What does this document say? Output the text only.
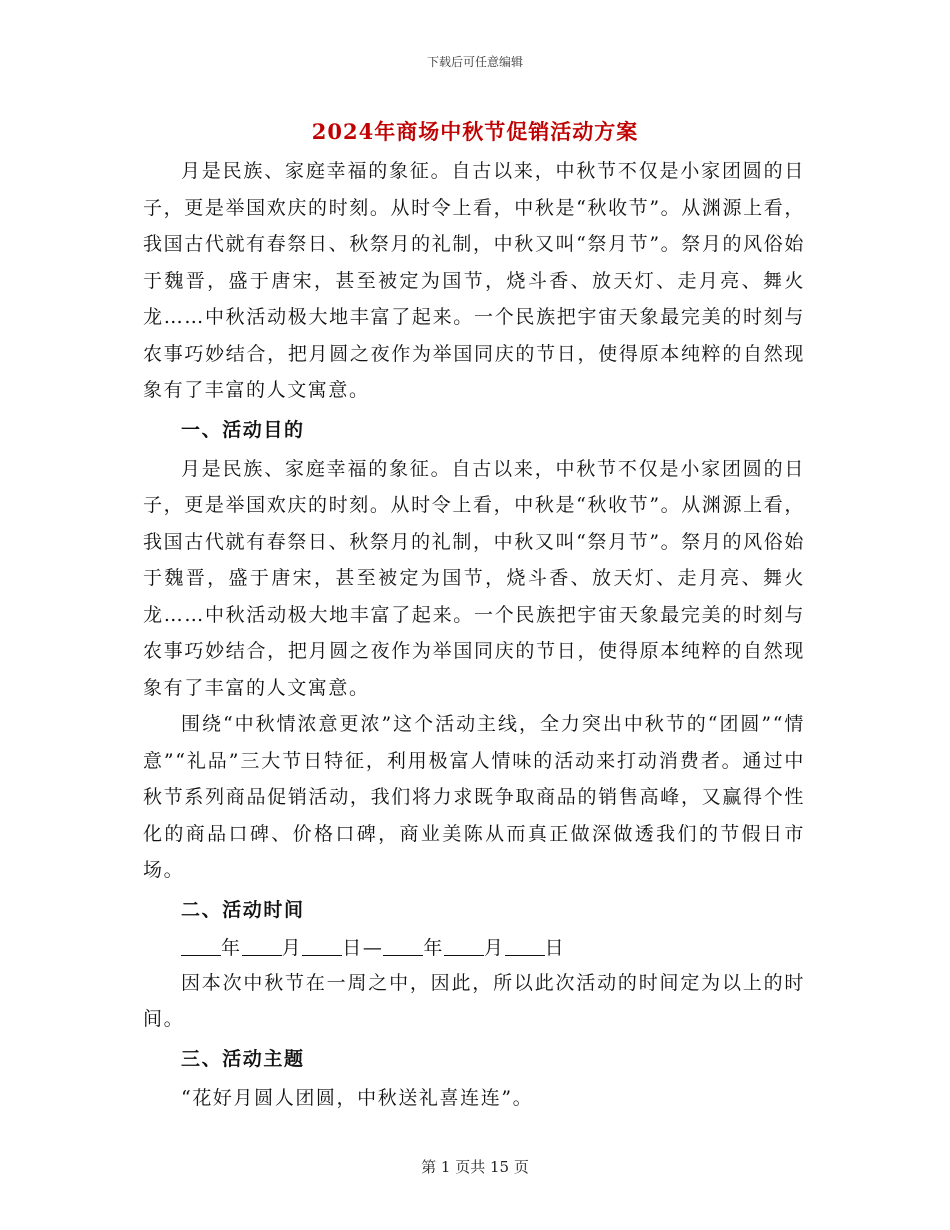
下载后可任意编辑
2024年商场中秋节促销活动方案

月是民族、家庭幸福的象征。自古以来，中秋节不仅是小家团圆的日子，更是举国欢庆的时刻。从时令上看，中秋是“秋收节”。从渊源上看，我国古代就有春祭日、秋祭月的礼制，中秋又叫“祭月节”。祭月的风俗始于魏晋，盛于唐宋，甚至被定为国节，烧斗香、放天灯、走月亮、舞火龙……中秋活动极大地丰富了起来。一个民族把宇宙天象最完美的时刻与农事巧妙结合，把月圆之夜作为举国同庆的节日，使得原本纯粹的自然现象有了丰富的人文寓意。

一、活动目的

月是民族、家庭幸福的象征。自古以来，中秋节不仅是小家团圆的日子，更是举国欢庆的时刻。从时令上看，中秋是“秋收节”。从渊源上看，我国古代就有春祭日、秋祭月的礼制，中秋又叫“祭月节”。祭月的风俗始于魏晋，盛于唐宋，甚至被定为国节，烧斗香、放天灯、走月亮、舞火龙……中秋活动极大地丰富了起来。一个民族把宇宙天象最完美的时刻与农事巧妙结合，把月圆之夜作为举国同庆的节日，使得原本纯粹的自然现象有了丰富的人文寓意。

围绕“中秋情浓意更浓”这个活动主线，全力突出中秋节的“团圆”“情意”“礼品”三大节日特征，利用极富人情味的活动来打动消费者。通过中秋节系列商品促销活动，我们将力求既争取商品的销售高峰，又赢得个性化的商品口碑、价格口碑，商业美陈从而真正做深做透我们的节假日市场。

二、活动时间

年 月 日— 年 月 日

因本次中秋节在一周之中，因此，所以此次活动的时间定为以上的时间。

三、活动主题

“花好月圆人团圆，中秋送礼喜连连”。

第 1 页共 15 页
